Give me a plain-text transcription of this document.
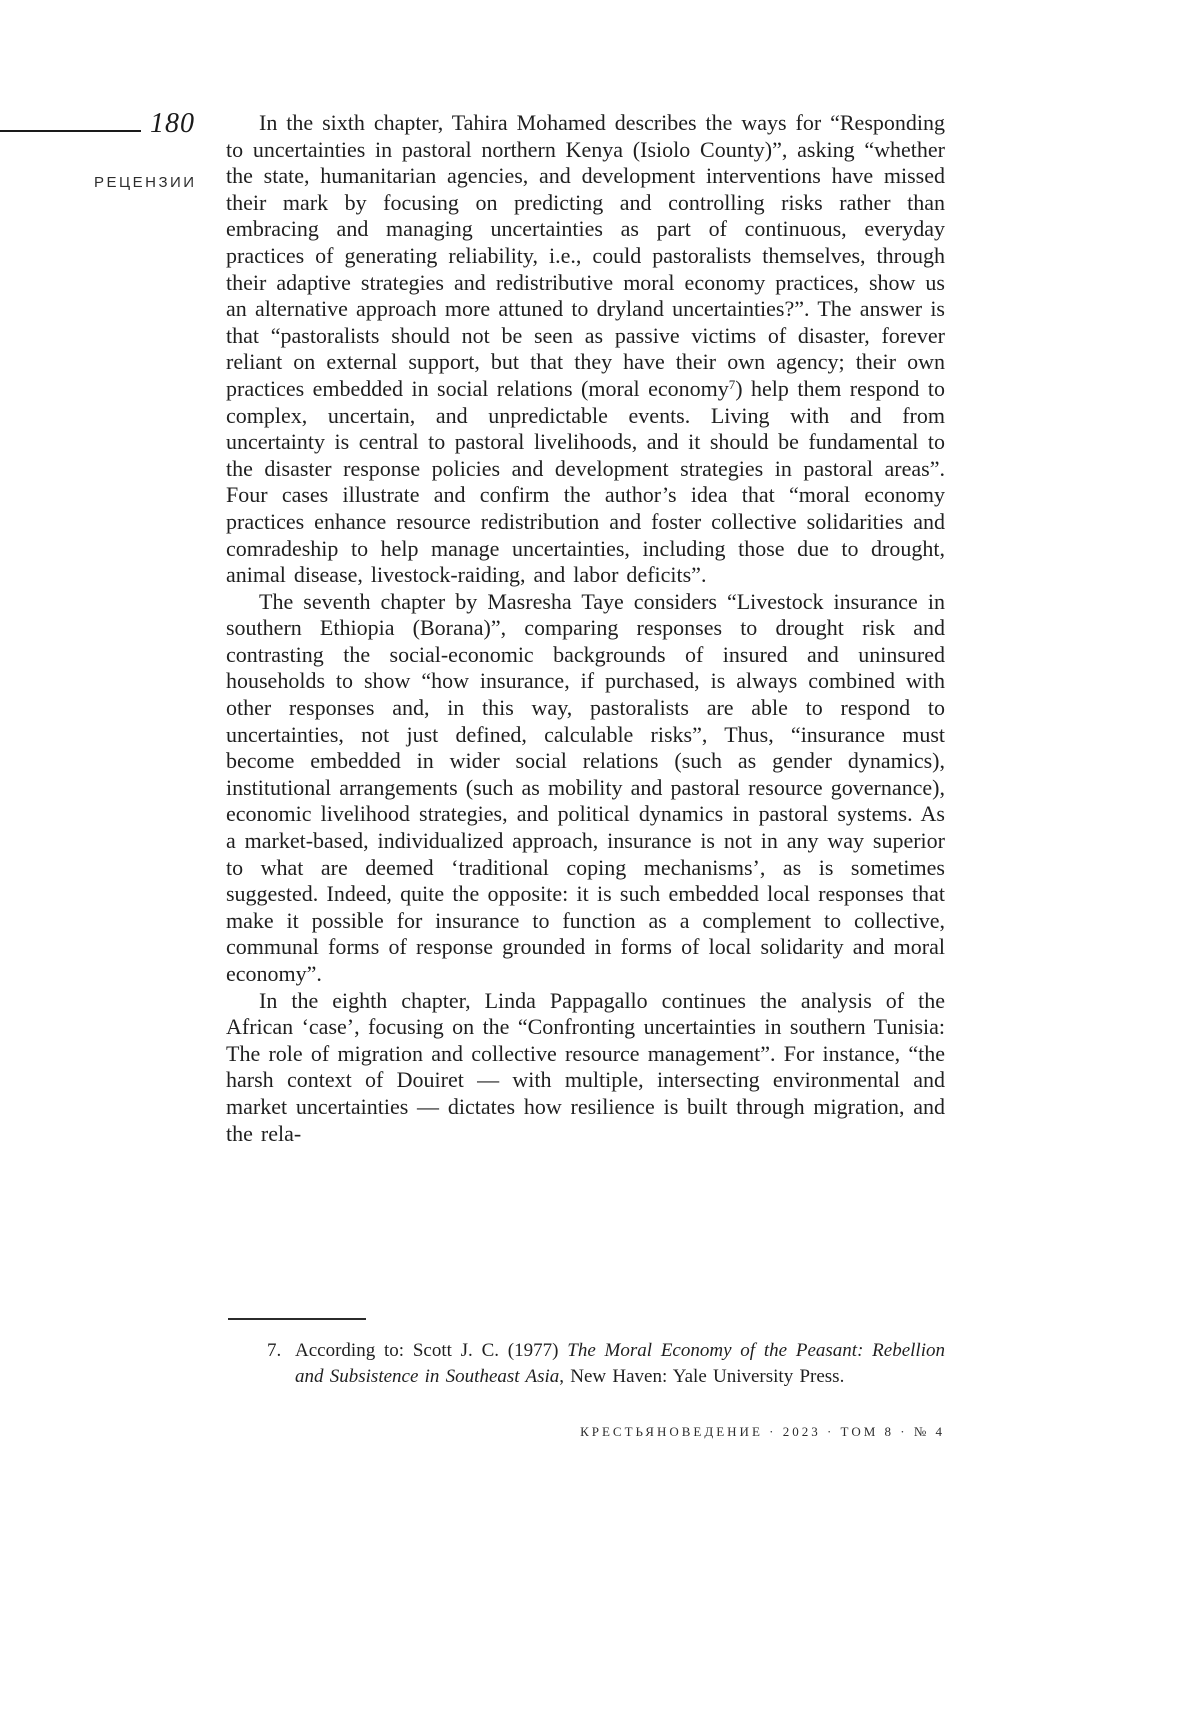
180
РЕЦЕНЗИИ

In the sixth chapter, Tahira Mohamed describes the ways for “Responding to uncertainties in pastoral northern Kenya (Isiolo County)”, asking “whether the state, humanitarian agencies, and development interventions have missed their mark by focusing on predicting and controlling risks rather than embracing and managing uncertainties as part of continuous, everyday practices of generating reliability, i.e., could pastoralists themselves, through their adaptive strategies and redistributive moral economy practices, show us an alternative approach more attuned to dryland uncertainties?”. The answer is that “pastoralists should not be seen as passive victims of disaster, forever reliant on external support, but that they have their own agency; their own practices embedded in social relations (moral economy$^7$) help them respond to complex, uncertain, and unpredictable events. Living with and from uncertainty is central to pastoral livelihoods, and it should be fundamental to the disaster response policies and development strategies in pastoral areas”. Four cases illustrate and confirm the author’s idea that “moral economy practices enhance resource redistribution and foster collective solidarities and comradeship to help manage uncertainties, including those due to drought, animal disease, livestock-raiding, and labor deficits”.

The seventh chapter by Masresha Taye considers “Livestock insurance in southern Ethiopia (Borana)”, comparing responses to drought risk and contrasting the social-economic backgrounds of insured and uninsured households to show “how insurance, if purchased, is always combined with other responses and, in this way, pastoralists are able to respond to uncertainties, not just defined, calculable risks”, Thus, “insurance must become embedded in wider social relations (such as gender dynamics), institutional arrangements (such as mobility and pastoral resource governance), economic livelihood strategies, and political dynamics in pastoral systems. As a market-based, individualized approach, insurance is not in any way superior to what are deemed ‘traditional coping mechanisms’, as is sometimes suggested. Indeed, quite the opposite: it is such embedded local responses that make it possible for insurance to function as a complement to collective, communal forms of response grounded in forms of local solidarity and moral economy”.

In the eighth chapter, Linda Pappagallo continues the analysis of the African ‘case’, focusing on the “Confronting uncertainties in southern Tunisia: The role of migration and collective resource management”. For instance, “the harsh context of Douiret — with multiple, intersecting environmental and market uncertainties — dictates how resilience is built through migration, and the rela-

7. According to: Scott J. C. (1977) The Moral Economy of the Peasant: Rebellion and Subsistence in Southeast Asia, New Haven: Yale University Press.
КРЕСТЬЯНОВЕДЕНИЕ · 2023 · ТОМ 8 · № 4
